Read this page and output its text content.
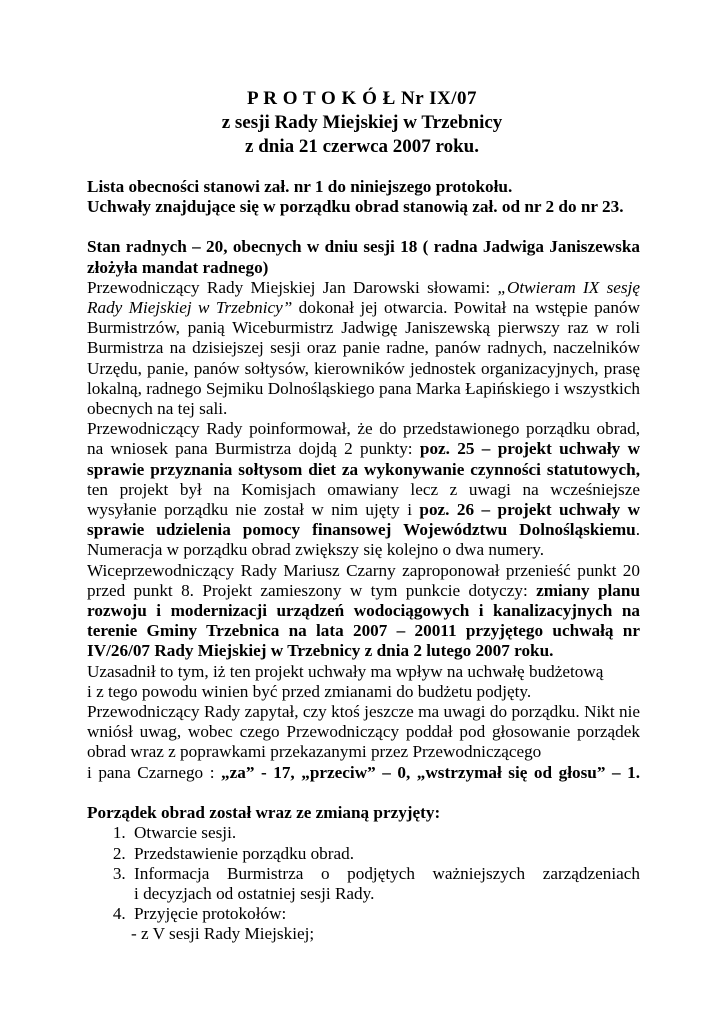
P R O T O K Ó Ł Nr IX/07
z sesji Rady Miejskiej w Trzebnicy
z dnia 21 czerwca 2007 roku.
Lista obecności stanowi zał. nr 1 do niniejszego protokołu.
Uchwały znajdujące się w porządku obrad stanowią zał. od nr 2 do nr 23.
Stan radnych – 20, obecnych w dniu sesji 18 ( radna Jadwiga Janiszewska złożyła mandat radnego)

Przewodniczący Rady Miejskiej Jan Darowski słowami: „Otwieram IX sesję Rady Miejskiej w Trzebnicy” dokonał jej otwarcia. Powitał na wstępie panów Burmistrzów, panią Wiceburmistrz Jadwigę Janiszewską pierwszy raz w roli Burmistrza na dzisiejszej sesji oraz panie radne, panów radnych, naczelników Urzędu, panie, panów sołtysów, kierowników jednostek organizacyjnych, prasę lokalną, radnego Sejmiku Dolnośląskiego pana Marka Łapińskiego i wszystkich obecnych na tej sali.

Przewodniczący Rady poinformował, że do przedstawionego porządku obrad, na wniosek pana Burmistrza dojdą 2 punkty: poz. 25 – projekt uchwały w sprawie przyznania sołtysom diet za wykonywanie czynności statutowych, ten projekt był na Komisjach omawiany lecz z uwagi na wcześniejsze wysyłanie porządku nie został w nim ujęty i poz. 26 – projekt uchwały w sprawie udzielenia pomocy finansowej Województwu Dolnośląskiemu. Numeracja w porządku obrad zwiększy się kolejno o dwa numery.

Wiceprzewodniczący Rady Mariusz Czarny zaproponował przenieść punkt 20 przed punkt 8. Projekt zamieszony w tym punkcie dotyczy: zmiany planu rozwoju i modernizacji urządzeń wodociągowych i kanalizacyjnych na terenie Gminy Trzebnica na lata 2007 – 20011 przyjętego uchwałą nr IV/26/07 Rady Miejskiej w Trzebnicy z dnia 2 lutego 2007 roku.

Uzasadnił to tym, iż ten projekt uchwały ma wpływ na uchwałę budżetową
i z tego powodu winien być przed zmianami do budżetu podjęty.

Przewodniczący Rady zapytał, czy ktoś jeszcze ma uwagi do porządku. Nikt nie wniósł uwag, wobec czego Przewodniczący poddał pod głosowanie porządek obrad wraz z poprawkami przekazanymi przez Przewodniczącego

i pana Czarnego : „za” - 17, „przeciw” – 0, „wstrzymał się od głosu” – 1.
Porządek obrad został wraz ze zmianą przyjęty:
1. Otwarcie sesji.
2. Przedstawienie porządku obrad.
3. Informacja Burmistrza o podjętych ważniejszych zarządzeniach
i decyzjach od ostatniej sesji Rady.
4. Przyjęcie protokołów:
- z V sesji Rady Miejskiej;
